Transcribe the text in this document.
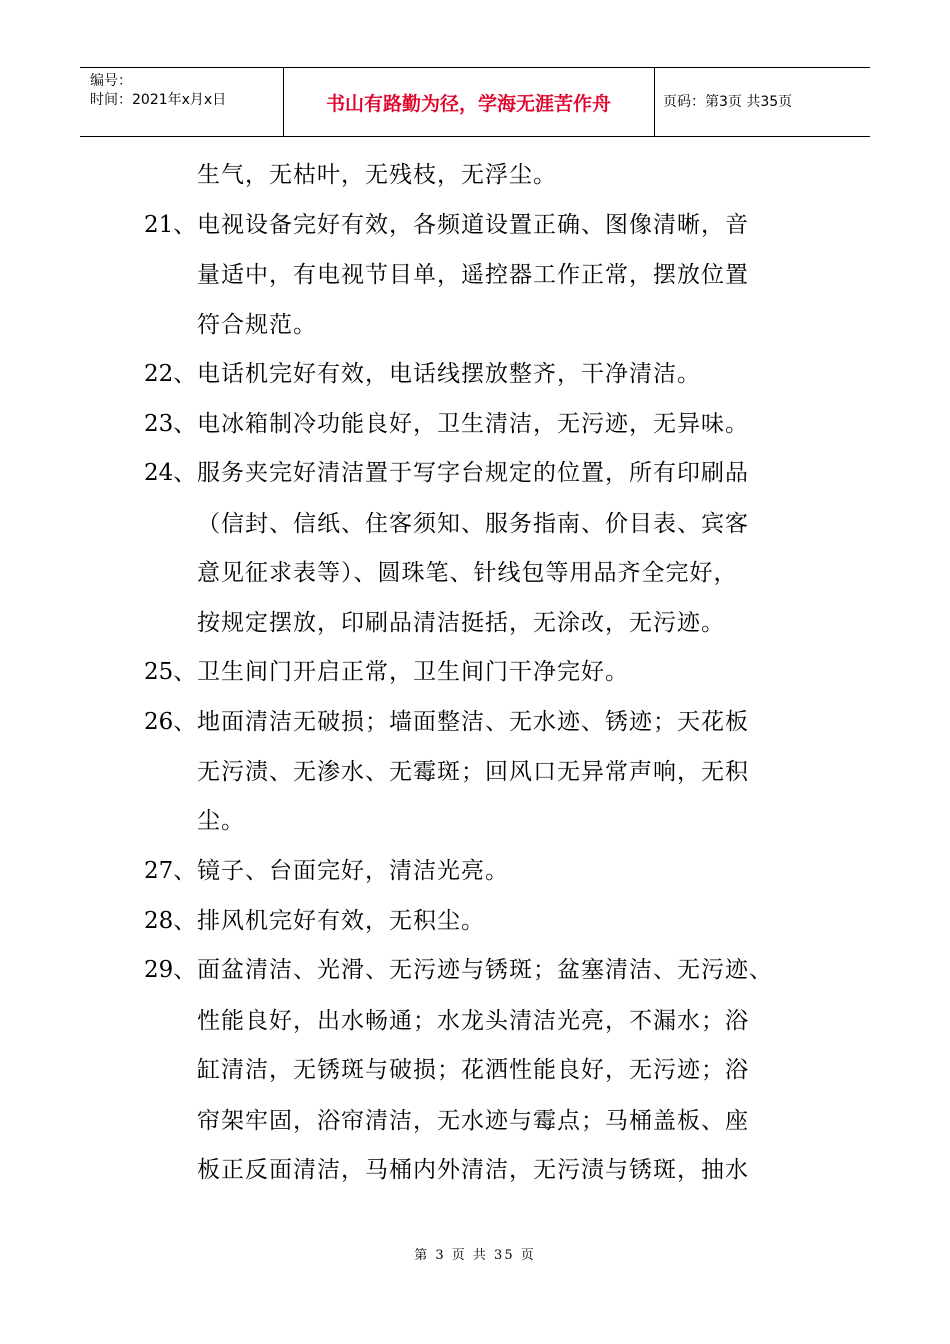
编号：
时间：2021年x月x日	书山有路勤为径，学海无涯苦作舟	页码：第3页 共35页
生气，无枯叶，无残枝，无浮尘。
21、 电视设备完好有效，各频道设置正确、图像清晰，音
量适中，有电视节目单，遥控器工作正常，摆放位置
符合规范。
22、 电话机完好有效，电话线摆放整齐，干净清洁。
23、 电冰箱制冷功能良好，卫生清洁，无污迹，无异味。
24、 服务夹完好清洁置于写字台规定的位置，所有印刷品
（信封、信纸、住客须知、服务指南、价目表、宾客
意见征求表等）、圆珠笔、针线包等用品齐全完好，
按规定摆放，印刷品清洁挺括，无涂改，无污迹。
25、 卫生间门开启正常，卫生间门干净完好。
26、 地面清洁无破损；墙面整洁、无水迹、锈迹；天花板
无污渍、无渗水、无霉斑；回风口无异常声响，无积
尘。
27、 镜子、台面完好，清洁光亮。
28、 排风机完好有效，无积尘。
29、 面盆清洁、光滑、无污迹与锈斑；盆塞清洁、无污迹、
性能良好，出水畅通；水龙头清洁光亮，不漏水；浴
缸清洁，无锈斑与破损；花洒性能良好，无污迹；浴
帘架牢固，浴帘清洁，无水迹与霉点；马桶盖板、座
板正反面清洁，马桶内外清洁，无污渍与锈斑，抽水
第 3 页 共 35 页
